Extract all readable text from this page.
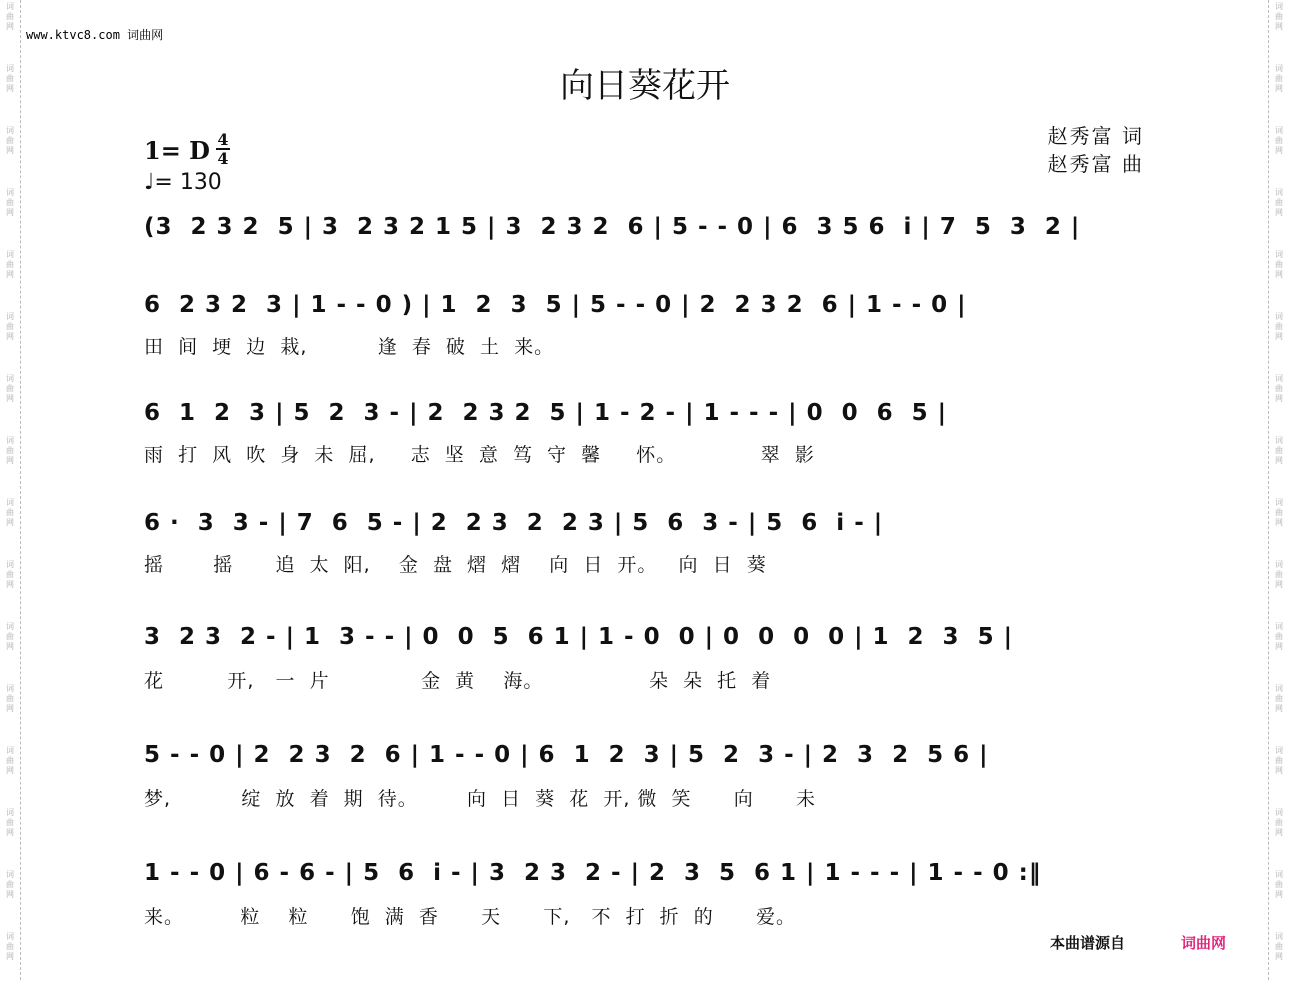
词
曲
网
词
曲
网
词
曲
网
词
曲
网
词
曲
网
词
曲
网
词
曲
网
词
曲
网
词
曲
网
词
曲
网
词
曲
网
词
曲
网
词
曲
网
词
曲
网
词
曲
网
词
曲
网
词
曲
网
词
曲
网
词
曲
网
词
曲
网
词
曲
网
词
曲
网
词
曲
网
词
曲
网
词
曲
网
词
曲
网
词
曲
网
词
曲
网
词
曲
网
词
曲
网
词
曲
网
词
曲
网
www.ktvc8.com 词曲网
向日葵花开
1= D 4
4
♩= 130
赵秀富 词
赵秀富 曲
(3  2 3 2  5 | 3  2 3 2 1 5 | 3  2 3 2  6 | 5 - - 0 | 6  3 5 6  i | 7  5  3  2 |
6  2 3 2  3 | 1 - - 0 ) | 1  2  3  5 | 5 - - 0 | 2  2 3 2  6 | 1 - - 0 |
田  间  埂  边  栽,          逢  春  破  土  来。
6  1  2  3 | 5  2  3 - | 2  2 3 2  5 | 1 - 2 - | 1 - - - | 0  0  6  5 |
雨  打  风  吹  身  未  屈,     志  坚  意  笃  守  馨     怀。            翠  影
6 ·  3  3 - | 7  6  5 - | 2  2 3  2  2 3 | 5  6  3 - | 5  6  i - |
摇       摇      追  太  阳,    金  盘  熠  熠    向  日  开。   向  日  葵
3  2 3  2 - | 1  3 - - | 0  0  5  6 1 | 1 - 0  0 | 0  0  0  0 | 1  2  3  5 |
花         开,   一  片             金  黄    海。               朵  朵  托  着
5 - - 0 | 2  2 3  2  6 | 1 - - 0 | 6  1  2  3 | 5  2  3 - | 2  3  2  5 6 |
梦,          绽  放  着  期  待。       向  日  葵  花  开, 微  笑      向      未
1 - - 0 | 6 - 6 - | 5  6  i - | 3  2 3  2 - | 2  3  5  6 1 | 1 - - - | 1 - - 0 :‖
来。        粒    粒      饱  满  香      天      下,   不  打  折  的      爱。
本曲谱源自	词曲网
